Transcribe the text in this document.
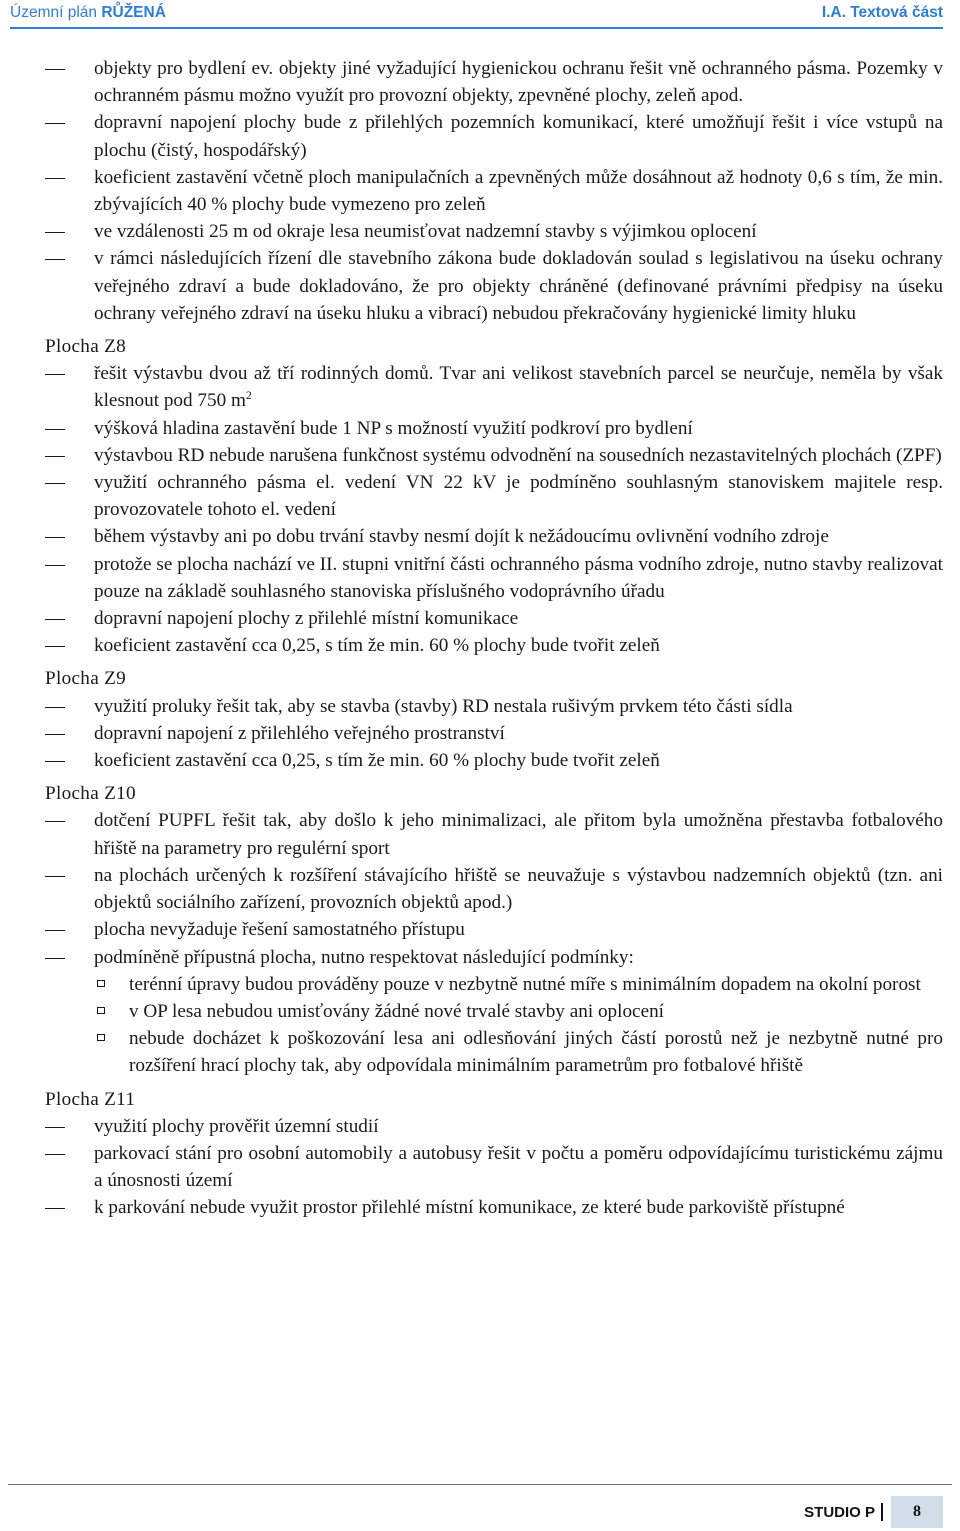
Územní plán RŮŽENÁ	I.A. Textová část
objekty pro bydlení ev. objekty jiné vyžadující hygienickou ochranu řešit vně ochranného pásma. Pozemky v ochranném pásmu možno využít pro provozní objekty, zpevněné plochy, zeleň apod.
dopravní napojení plochy bude z přilehlých pozemních komunikací, které umožňují řešit i více vstupů na plochu (čistý, hospodářský)
koeficient zastavění včetně ploch manipulačních a zpevněných může dosáhnout až hodnoty 0,6 s tím, že min. zbývajících 40 % plochy bude vymezeno pro zeleň
ve vzdálenosti 25 m od okraje lesa neumisťovat nadzemní stavby s výjimkou oplocení
v rámci následujících řízení dle stavebního zákona bude dokladován soulad s legislativou na úseku ochrany veřejného zdraví a bude dokladováno, že pro objekty chráněné (definované právními předpisy na úseku ochrany veřejného zdraví na úseku hluku a vibrací) nebudou překračovány hygienické limity hluku
Plocha Z8
řešit výstavbu dvou až tří rodinných domů. Tvar ani velikost stavebních parcel se neurčuje, neměla by však klesnout pod 750 $m^2$
výšková hladina zastavění bude 1 NP s možností využití podkroví pro bydlení
výstavbou RD nebude narušena funkčnost systému odvodnění na sousedních nezastavitelných plochách (ZPF)
využití ochranného pásma el. vedení VN 22 kV je podmíněno souhlasným stanoviskem majitele resp. provozovatele tohoto el. vedení
během výstavby ani po dobu trvání stavby nesmí dojít k nežádoucímu ovlivnění vodního zdroje
protože se plocha nachází ve II. stupni vnitřní části ochranného pásma vodního zdroje, nutno stavby realizovat pouze na základě souhlasného stanoviska příslušného vodoprávního úřadu
dopravní napojení plochy z přilehlé místní komunikace
koeficient zastavění cca 0,25, s tím že min. 60 % plochy bude tvořit zeleň
Plocha Z9
využití proluky řešit tak, aby se stavba (stavby) RD nestala rušivým prvkem této části sídla
dopravní napojení z přilehlého veřejného prostranství
koeficient zastavění cca 0,25, s tím že min. 60 % plochy bude tvořit zeleň
Plocha Z10
dotčení PUPFL řešit tak, aby došlo k jeho minimalizaci, ale přitom byla umožněna přestavba fotbalového hřiště na parametry pro regulérní sport
na plochách určených k rozšíření stávajícího hřiště se neuvažuje s výstavbou nadzemních objektů (tzn. ani objektů sociálního zařízení, provozních objektů apod.)
plocha nevyžaduje řešení samostatného přístupu
podmíněně přípustná plocha, nutno respektovat následující podmínky:
terénní úpravy budou prováděny pouze v nezbytně nutné míře s minimálním dopadem na okolní porost
v OP lesa nebudou umisťovány žádné nové trvalé stavby ani oplocení
nebude docházet k poškozování lesa ani odlesňování jiných částí porostů než je nezbytně nutné pro rozšíření hrací plochy tak, aby odpovídala minimálním parametrům pro fotbalové hřiště
Plocha Z11
využití plochy prověřit územní studií
parkovací stání pro osobní automobily a autobusy řešit v počtu a poměru odpovídajícímu turistickému zájmu a únosnosti území
k parkování nebude využit prostor přilehlé místní komunikace, ze které bude parkoviště přístupné
STUDIO P	8
